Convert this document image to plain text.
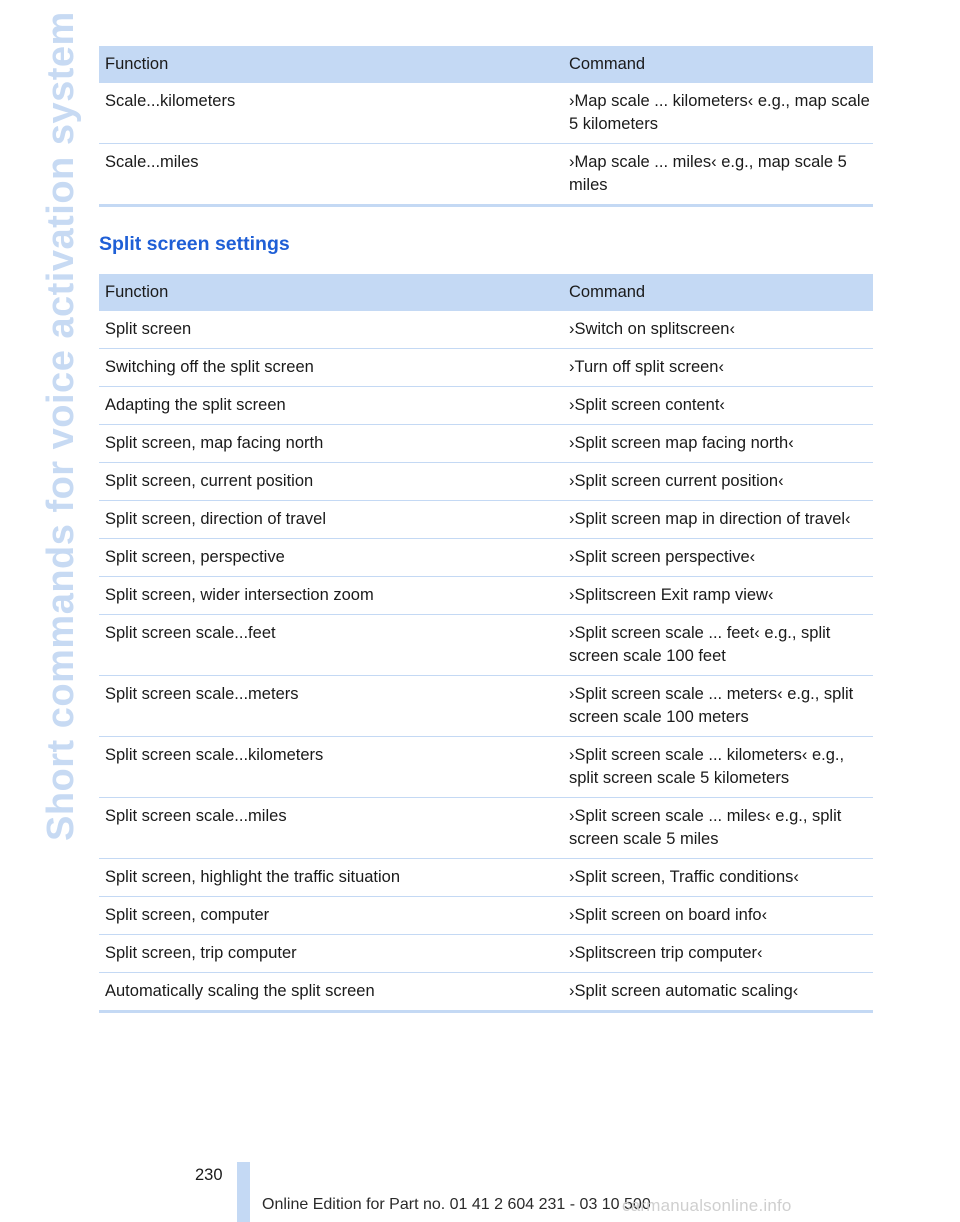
Short commands for voice activation system Function	Command
Scale...kilometers	›Map scale ... kilometers‹ e.g., map scale 5 kilometers
Scale...miles	›Map scale ... miles‹ e.g., map scale 5 miles
Split screen settings
Function	Command
Split screen	›Switch on splitscreen‹
Switching off the split screen	›Turn off split screen‹
Adapting the split screen	›Split screen content‹
Split screen, map facing north	›Split screen map facing north‹
Split screen, current position	›Split screen current position‹
Split screen, direction of travel	›Split screen map in direction of travel‹
Split screen, perspective	›Split screen perspective‹
Split screen, wider intersection zoom	›Splitscreen Exit ramp view‹
Split screen scale...feet	›Split screen scale ... feet‹ e.g., split screen scale 100 feet
Split screen scale...meters	›Split screen scale ... meters‹ e.g., split screen scale 100 meters
Split screen scale...kilometers	›Split screen scale ... kilometers‹ e.g., split screen scale 5 kilometers
Split screen scale...miles	›Split screen scale ... miles‹ e.g., split screen scale 5 miles
Split screen, highlight the traffic situation	›Split screen, Traffic conditions‹
Split screen, computer	›Split screen on board info‹
Split screen, trip computer	›Splitscreen trip computer‹
Automatically scaling the split screen	›Split screen automatic scaling‹
230
Online Edition for Part no. 01 41 2 604 231 - 03 10 500
carmanualsonline.info
